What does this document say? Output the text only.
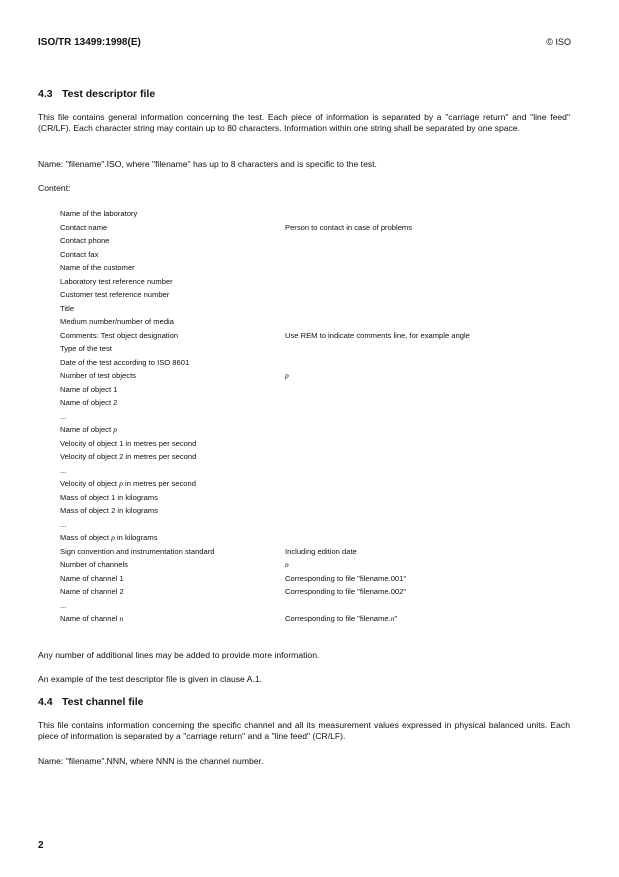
ISO/TR 13499:1998(E)	© ISO
4.3 Test descriptor file

This file contains general information concerning the test. Each piece of information is separated by a "carriage return" and "line feed" (CR/LF). Each character string may contain up to 80 characters. Information within one string shall be separated by one space.

Name: "filename".ISO, where "filename" has up to 8 characters and is specific to the test.

Content:

Name of the laboratory
Contact name	Person to contact in case of problems
Contact phone
Contact fax
Name of the customer
Laboratory test reference number
Customer test reference number
Title
Medium number/number of media
Comments: Test object designation	Use REM to indicate comments line, for example angle
Type of the test
Date of the test according to ISO 8601
Number of test objects	p
Name of object 1
Name of object 2
...
Name of object p
Velocity of object 1 in metres per second
Velocity of object 2 in metres per second
...
Velocity of object p in metres per second
Mass of object 1 in kilograms
Mass of object 2 in kilograms
...
Mass of object p in kilograms
Sign convention and instrumentation standard	Including edition date
Number of channels	n
Name of channel 1	Corresponding to file "filename.001"
Name of channel 2	Corresponding to file "filename.002"
...
Name of channel n	Corresponding to file "filename.n"

Any number of additional lines may be added to provide more information.

An example of the test descriptor file is given in clause A.1.

4.4 Test channel file

This file contains information concerning the specific channel and all its measurement values expressed in physical balanced units. Each piece of information is separated by a "carriage return" and a "line feed" (CR/LF).

Name: "filename".NNN, where NNN is the channel number.

2
